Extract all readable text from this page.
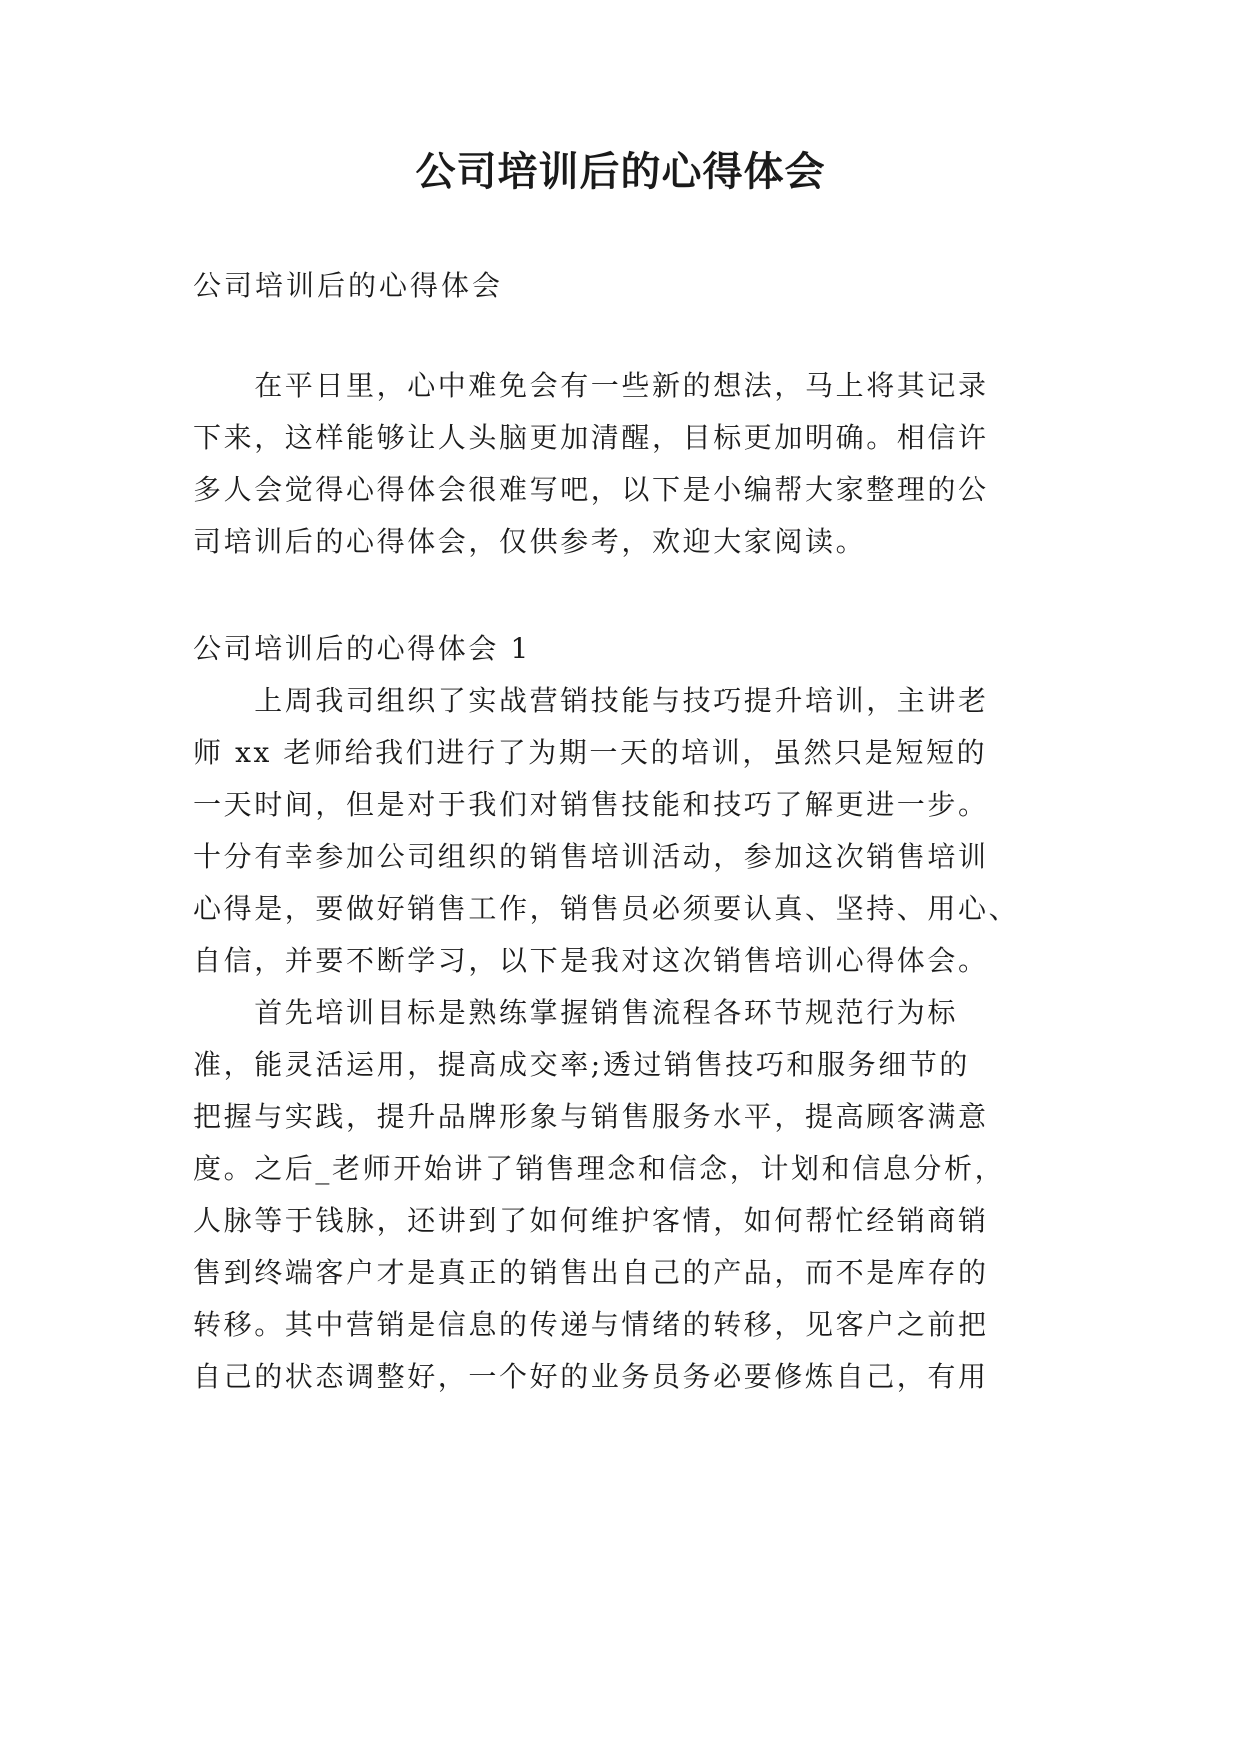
公司培训后的心得体会

公司培训后的心得体会

　　在平日里，心中难免会有一些新的想法，马上将其记录

下来，这样能够让人头脑更加清醒，目标更加明确。相信许

多人会觉得心得体会很难写吧，以下是小编帮大家整理的公

司培训后的心得体会，仅供参考，欢迎大家阅读。

公司培训后的心得体会 1

　　上周我司组织了实战营销技能与技巧提升培训，主讲老

师 xx 老师给我们进行了为期一天的培训，虽然只是短短的

一天时间，但是对于我们对销售技能和技巧了解更进一步。

十分有幸参加公司组织的销售培训活动，参加这次销售培训

心得是，要做好销售工作，销售员必须要认真、坚持、用心、

自信，并要不断学习，以下是我对这次销售培训心得体会。

　　首先培训目标是熟练掌握销售流程各环节规范行为标

准，能灵活运用，提高成交率;透过销售技巧和服务细节的

把握与实践，提升品牌形象与销售服务水平，提高顾客满意

度。之后_老师开始讲了销售理念和信念，计划和信息分析，

人脉等于钱脉，还讲到了如何维护客情，如何帮忙经销商销

售到终端客户才是真正的销售出自己的产品，而不是库存的

转移。其中营销是信息的传递与情绪的转移，见客户之前把

自己的状态调整好，一个好的业务员务必要修炼自己，有用
